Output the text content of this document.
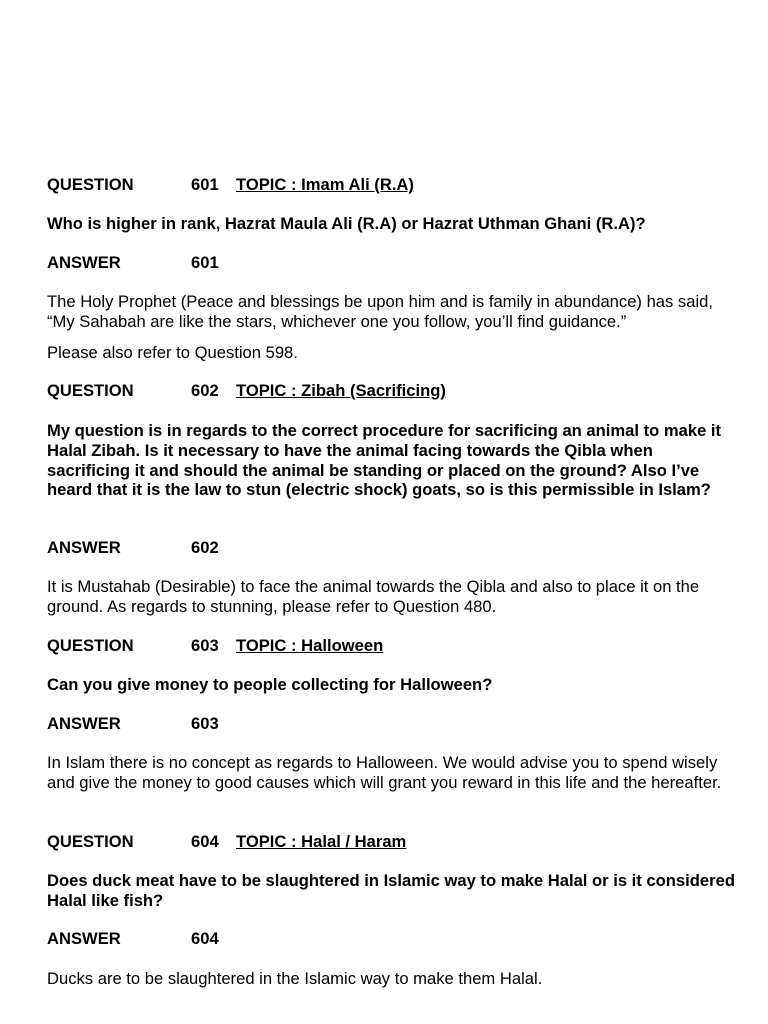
QUESTION	601 TOPIC : Imam Ali (R.A)
Who is higher in rank, Hazrat Maula Ali (R.A) or Hazrat Uthman Ghani (R.A)?
ANSWER	601
The Holy Prophet (Peace and blessings be upon him and is family in abundance) has said, “My Sahabah are like the stars, whichever one you follow, you’ll find guidance.”
Please also refer to Question 598.
QUESTION	602 TOPIC : Zibah (Sacrificing)
My question is in regards to the correct procedure for sacrificing an animal to make it Halal Zibah. Is it necessary to have the animal facing towards the Qibla when sacrificing it and should the animal be standing or placed on the ground? Also I’ve heard that it is the law to stun (electric shock) goats, so is this permissible in Islam?
ANSWER	602
It is Mustahab (Desirable) to face the animal towards the Qibla and also to place it on the ground. As regards to stunning, please refer to Question 480.
QUESTION	603 TOPIC : Halloween
Can you give money to people collecting for Halloween?
ANSWER	603
In Islam there is no concept as regards to Halloween. We would advise you to spend wisely and give the money to good causes which will grant you reward in this life and the hereafter.
QUESTION	604 TOPIC : Halal / Haram
Does duck meat have to be slaughtered in Islamic way to make Halal or is it considered Halal like fish?
ANSWER	604
Ducks are to be slaughtered in the Islamic way to make them Halal.
